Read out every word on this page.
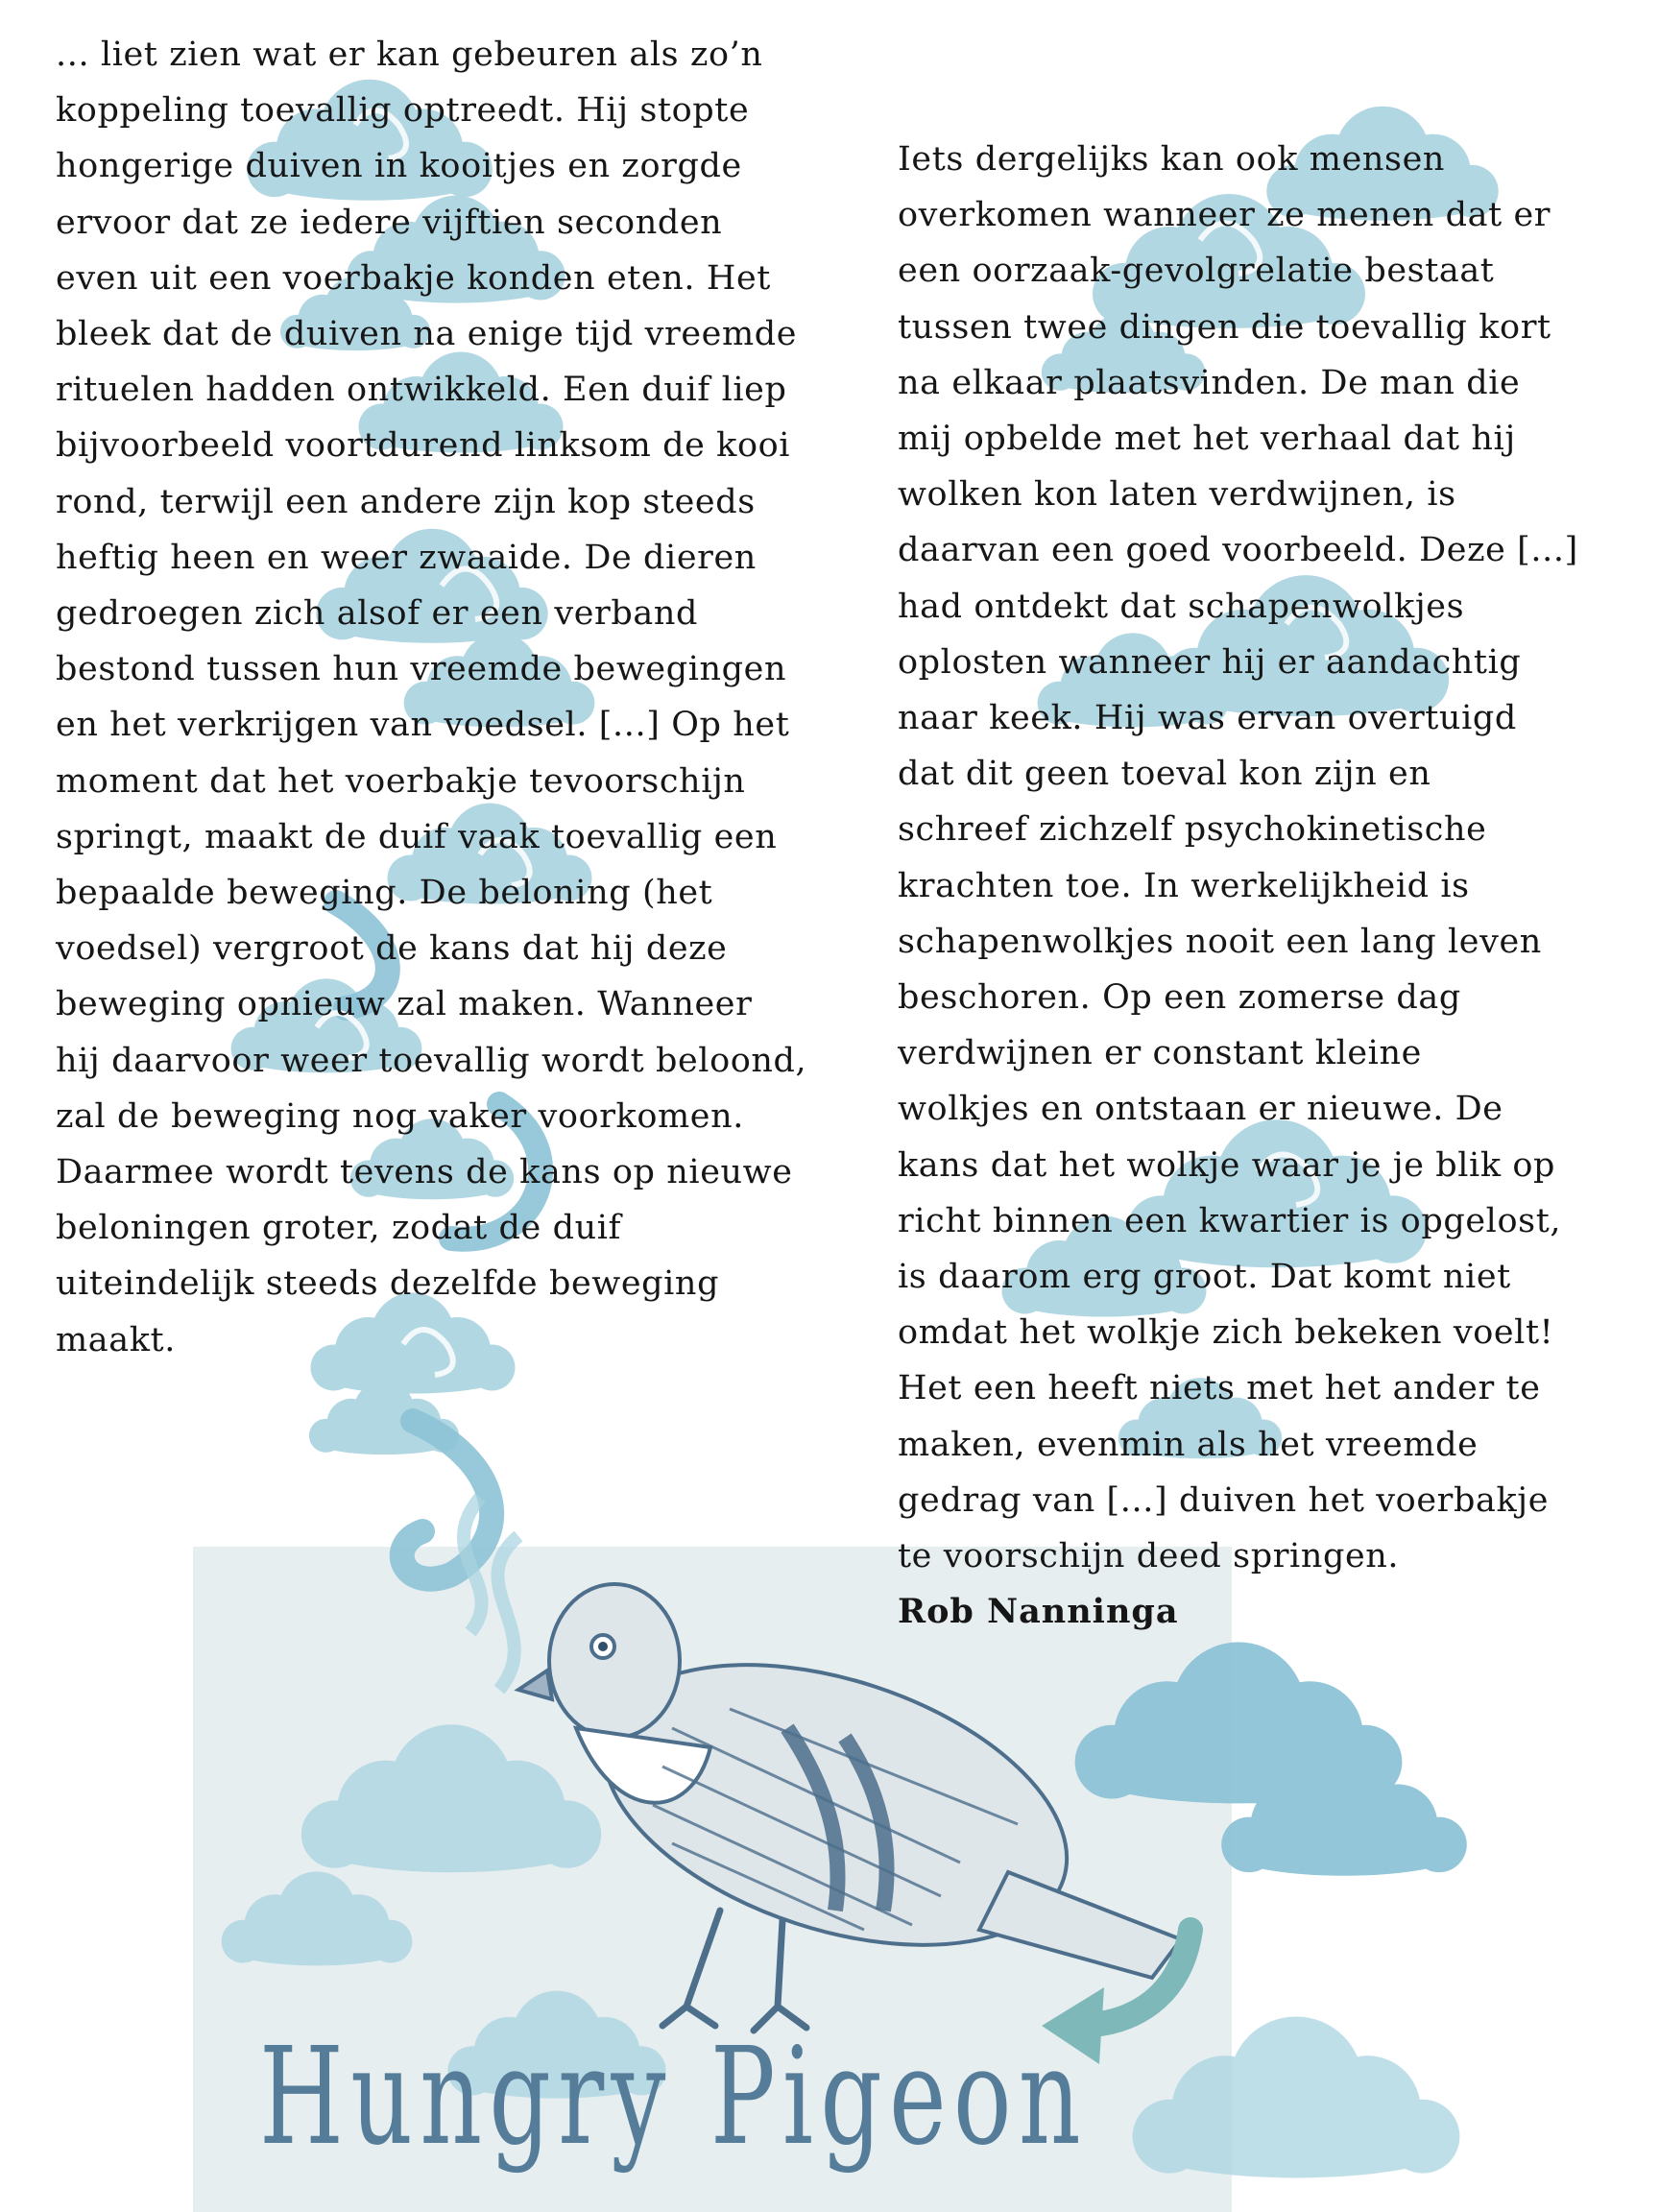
... liet zien wat er kan gebeuren als zo’n
koppeling toevallig optreedt. Hij stopte
hongerige duiven in kooitjes en zorgde
ervoor dat ze iedere vijftien seconden
even uit een voerbakje konden eten. Het
bleek dat de duiven na enige tijd vreemde
rituelen hadden ontwikkeld. Een duif liep
bijvoorbeeld voortdurend linksom de kooi
rond, terwijl een andere zijn kop steeds
heftig heen en weer zwaaide. De dieren
gedroegen zich alsof er een verband
bestond tussen hun vreemde bewegingen
en het verkrijgen van voedsel. [...] Op het
moment dat het voerbakje tevoorschijn
springt, maakt de duif vaak toevallig een
bepaalde beweging. De beloning (het
voedsel) vergroot de kans dat hij deze
beweging opnieuw zal maken. Wanneer
hij daarvoor weer toevallig wordt beloond,
zal de beweging nog vaker voorkomen.
Daarmee wordt tevens de kans op nieuwe
beloningen groter, zodat de duif
uiteindelijk steeds dezelfde beweging
maakt.
Iets dergelijks kan ook mensen
overkomen wanneer ze menen dat er
een oorzaak-gevolgrelatie bestaat
tussen twee dingen die toevallig kort
na elkaar plaatsvinden. De man die
mij opbelde met het verhaal dat hij
wolken kon laten verdwijnen, is
daarvan een goed voorbeeld. Deze [...]
had ontdekt dat schapenwolkjes
oplosten wanneer hij er aandachtig
naar keek. Hij was ervan overtuigd
dat dit geen toeval kon zijn en
schreef zichzelf psychokinetische
krachten toe. In werkelijkheid is
schapenwolkjes nooit een lang leven
beschoren. Op een zomerse dag
verdwijnen er constant kleine
wolkjes en ontstaan er nieuwe. De
kans dat het wolkje waar je je blik op
richt binnen een kwartier is opgelost,
is daarom erg groot. Dat komt niet
omdat het wolkje zich bekeken voelt!
Het een heeft niets met het ander te
maken, evenmin als het vreemde
gedrag van [...] duiven het voerbakje
te voorschijn deed springen.
Rob Nanninga
Hungry Pigeon
